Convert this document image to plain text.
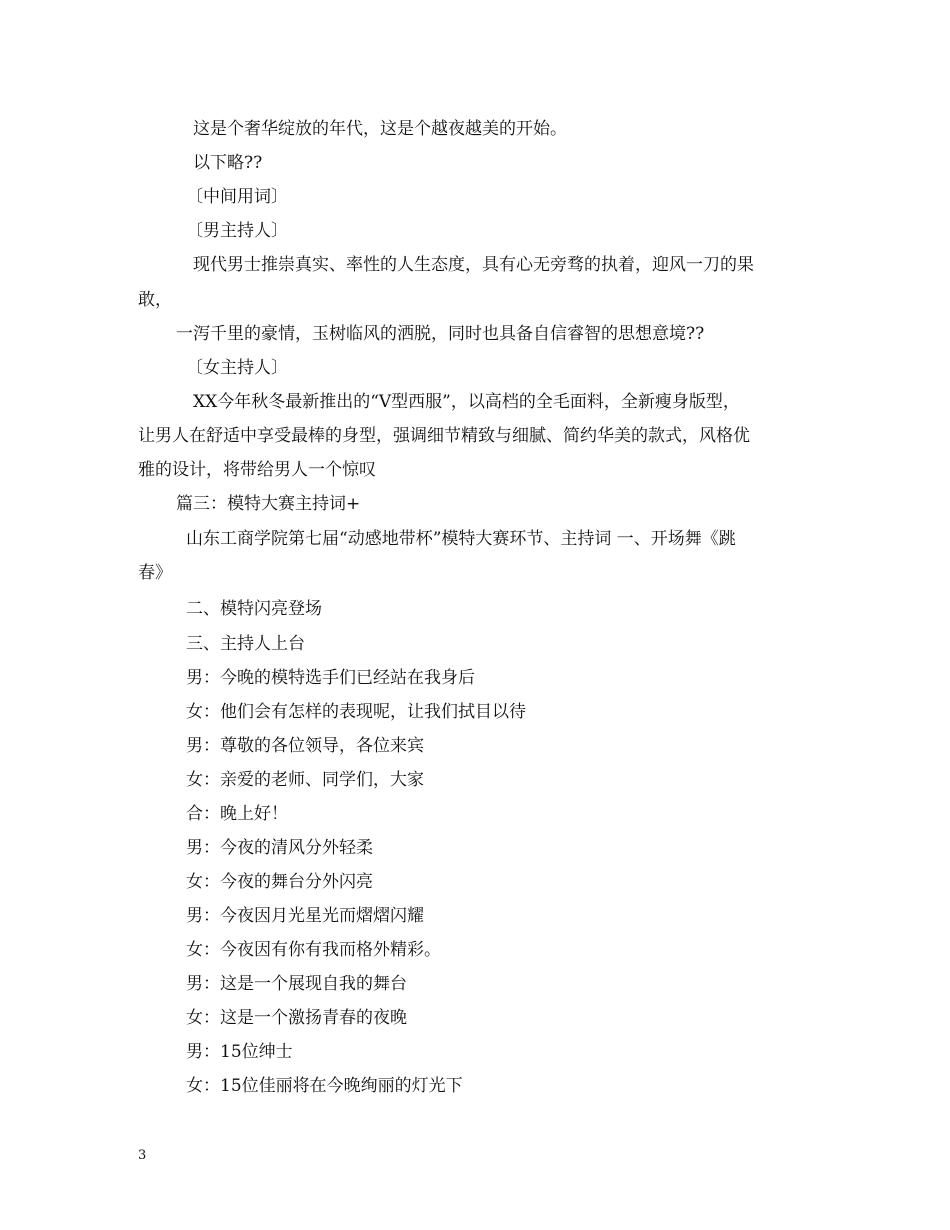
这是个奢华绽放的年代，这是个越夜越美的开始。
以下略??
〔中间用词〕
〔男主持人〕
现代男士推崇真实、率性的人生态度，具有心无旁骛的执着，迎风一刀的果
敢，
一泻千里的豪情，玉树临风的洒脱，同时也具备自信睿智的思想意境??
〔女主持人〕
XX今年秋冬最新推出的“V型西服”，以高档的全毛面料，全新瘦身版型，
让男人在舒适中享受最棒的身型，强调细节精致与细腻、简约华美的款式，风格优
雅的设计，将带给男人一个惊叹
篇三：模特大赛主持词+
山东工商学院第七届“动感地带杯”模特大赛环节、主持词 一、开场舞《跳
春》
二、模特闪亮登场
三、主持人上台
男：今晚的模特选手们已经站在我身后
女：他们会有怎样的表现呢，让我们拭目以待
男：尊敬的各位领导，各位来宾
女：亲爱的老师、同学们，大家
合：晚上好！
男：今夜的清风分外轻柔
女：今夜的舞台分外闪亮
男：今夜因月光星光而熠熠闪耀
女：今夜因有你有我而格外精彩。
男：这是一个展现自我的舞台
女：这是一个激扬青春的夜晚
男：15位绅士
女：15位佳丽将在今晚绚丽的灯光下
3
